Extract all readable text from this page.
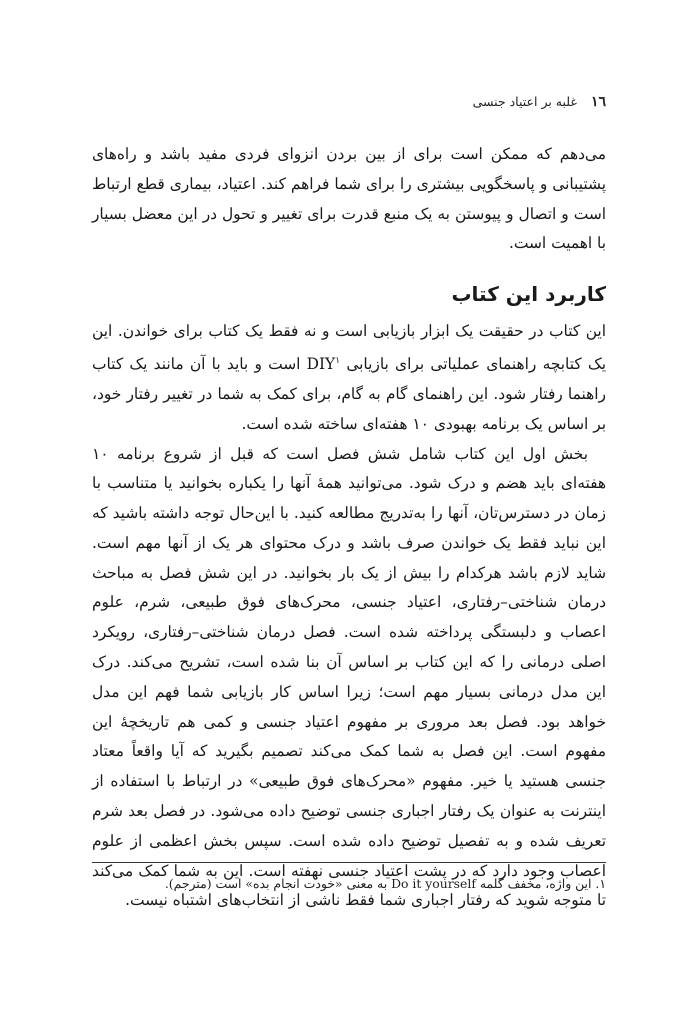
١٦
غلبه بر اعتیاد جنسی

می‌دهم که ممکن است برای از بین بردن انزوای فردی مفید باشد و راه‌های پشتیبانی و پاسخگویی بیشتری را برای شما فراهم کند. اعتیاد، بیماری قطع ارتباط است و اتصال و پیوستن به یک منبع قدرت برای تغییر و تحول در این معضل بسیار با اهمیت است.

کاربرد این کتاب

این کتاب در حقیقت یک ابزار بازیابی است و نه فقط یک کتاب برای خواندن. این یک کتابچه راهنمای عملیاتی برای بازیابی DIY$^١$ است و باید با آن مانند یک کتاب راهنما رفتار شود. این راهنمای گام به گام، برای کمک به شما در تغییر رفتار خود، بر اساس یک برنامه بهبودی ١٠ هفته‌ای ساخته شده است.

بخش اول این کتاب شامل شش فصل است که قبل از شروع برنامه ١٠ هفته‌ای باید هضم و درک شود. می‌توانید همهٔ آنها را یکباره بخوانید یا متناسب با زمان در دسترس‌تان، آنها را به‌تدریج مطالعه کنید. با این‌حال توجه داشته باشید که این نباید فقط یک خواندن صرف باشد و درک محتوای هر یک از آنها مهم است. شاید لازم باشد هرکدام را بیش از یک بار بخوانید. در این شش فصل به مباحث درمان شناختی–رفتاری، اعتیاد جنسی، محرک‌های فوق طبیعی، شرم، علوم اعصاب و دلبستگی پرداخته شده است. فصل درمان شناختی–رفتاری، رویکرد اصلی درمانی را که این کتاب بر اساس آن بنا شده است، تشریح می‌کند. درک این مدل درمانی بسیار مهم است؛ زیرا اساس کار بازیابی شما فهم این مدل خواهد بود. فصل بعد مروری بر مفهوم اعتیاد جنسی و کمی هم تاریخچهٔ این مفهوم است. این فصل به شما کمک می‌کند تصمیم بگیرید که آیا واقعاً معتاد جنسی هستید یا خیر. مفهوم «محرک‌های فوق طبیعی» در ارتباط با استفاده از اینترنت به عنوان یک رفتار اجباری جنسی توضیح داده می‌شود. در فصل بعد شرم تعریف شده و به تفصیل توضیح داده شده است. سپس بخش اعظمی از علوم اعصاب وجود دارد که در پشت اعتیاد جنسی نهفته است. این به شما کمک می‌کند تا متوجه شوید که رفتار اجباری شما فقط ناشی از انتخاب‌های اشتباه نیست.

١. این واژه، مخفف کلمه Do it yourself به معنی «خودت انجام بده» است (مترجم).
